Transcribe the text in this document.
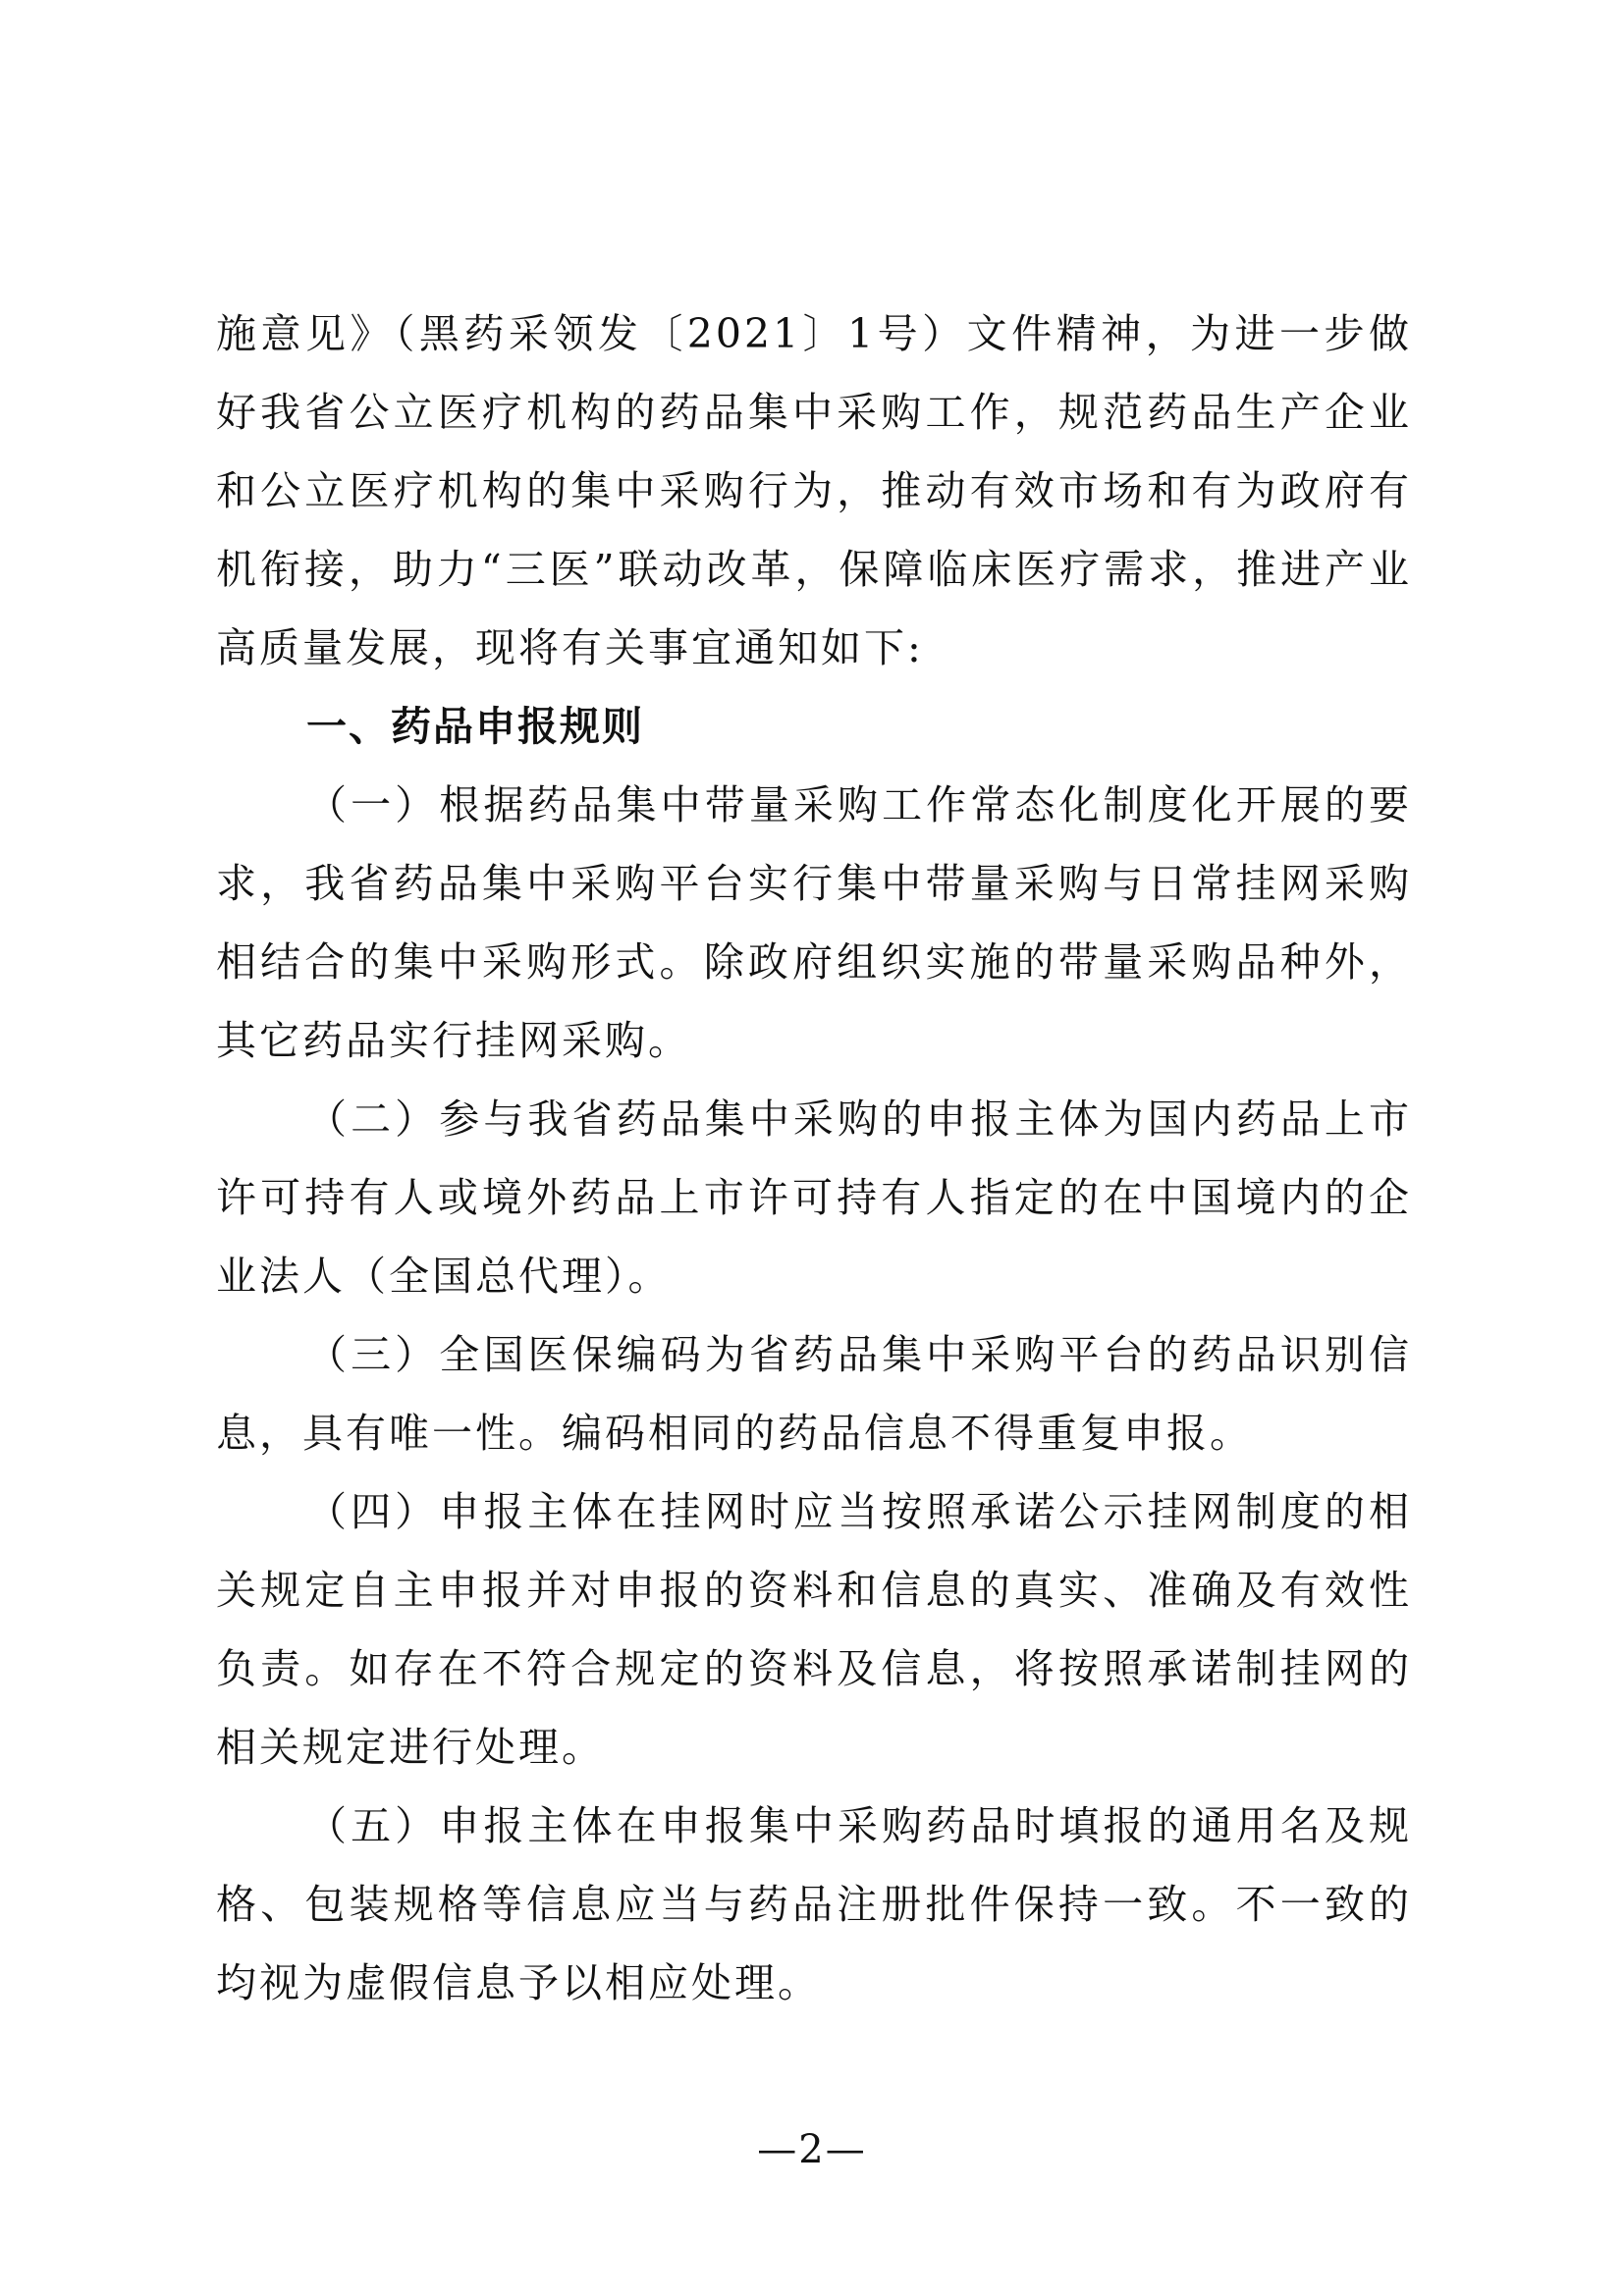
施意见》（黑药采领发〔2021〕1号）文件精神，为进一步做好我省公立医疗机构的药品集中采购工作，规范药品生产企业和公立医疗机构的集中采购行为，推动有效市场和有为政府有机衔接，助力“三医”联动改革，保障临床医疗需求，推进产业高质量发展，现将有关事宜通知如下:

一、药品申报规则

（一）根据药品集中带量采购工作常态化制度化开展的要求，我省药品集中采购平台实行集中带量采购与日常挂网采购相结合的集中采购形式。除政府组织实施的带量采购品种外，其它药品实行挂网采购。

（二）参与我省药品集中采购的申报主体为国内药品上市许可持有人或境外药品上市许可持有人指定的在中国境内的企业法人（全国总代理）。

（三）全国医保编码为省药品集中采购平台的药品识别信息，具有唯一性。编码相同的药品信息不得重复申报。

（四）申报主体在挂网时应当按照承诺公示挂网制度的相关规定自主申报并对申报的资料和信息的真实、准确及有效性负责。如存在不符合规定的资料及信息，将按照承诺制挂网的相关规定进行处理。

（五）申报主体在申报集中采购药品时填报的通用名及规格、包装规格等信息应当与药品注册批件保持一致。不一致的均视为虚假信息予以相应处理。

—2—
